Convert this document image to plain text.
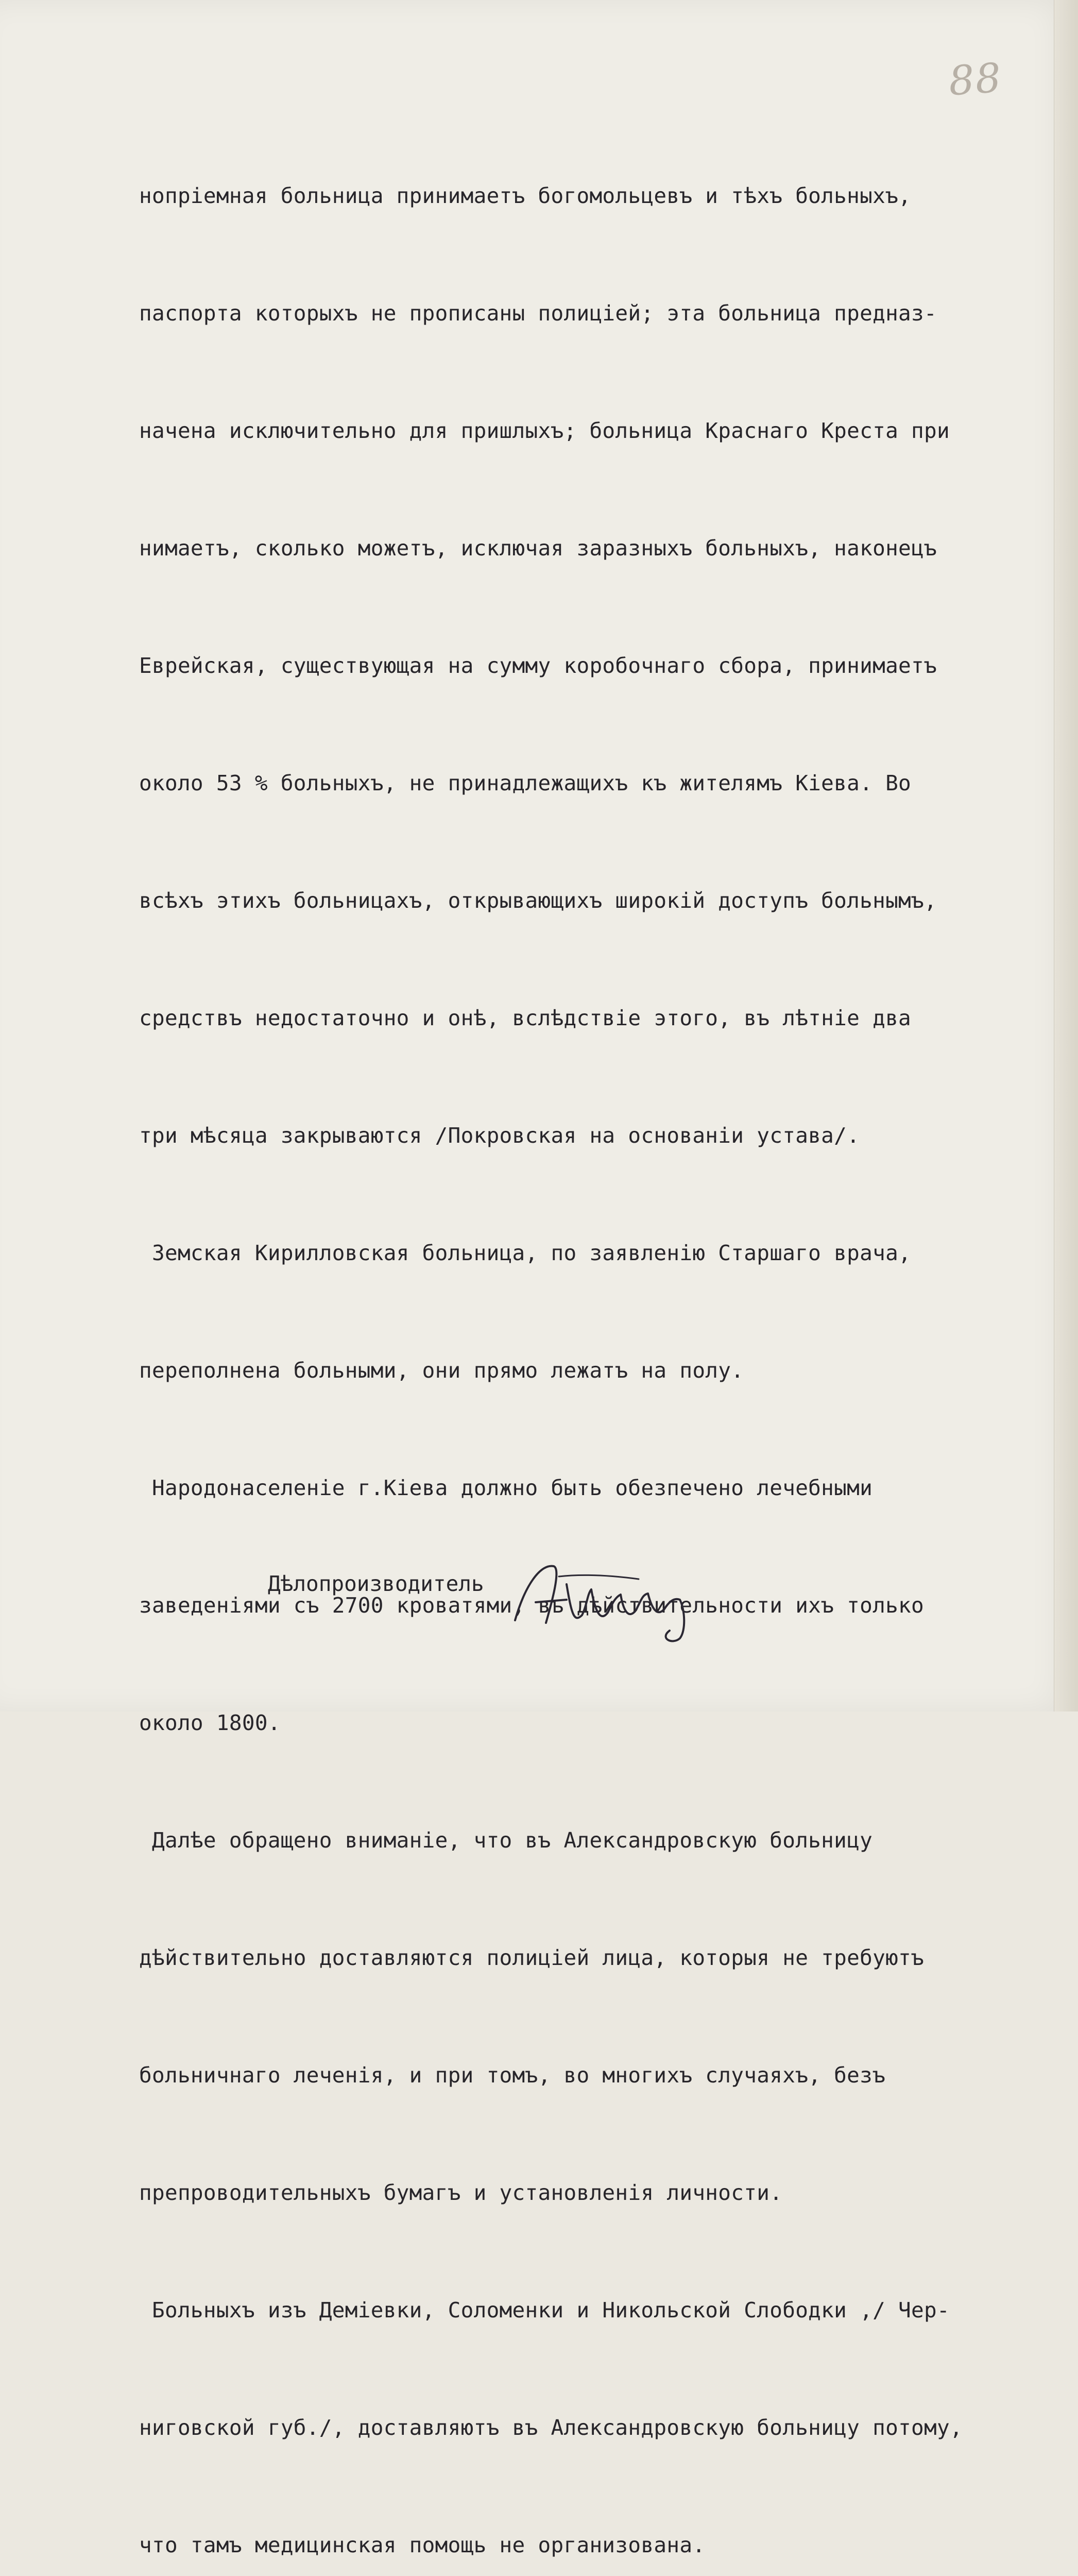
88

нопріемная больница принимаетъ богомольцевъ и тѣхъ больныхъ,

паспорта которыхъ не прописаны полиціей; эта больница предназ-

начена исключительно для пришлыхъ; больница Краснаго Креста при

нимаетъ, сколько можетъ, исключая заразныхъ больныхъ, наконецъ

Еврейская, существующая на сумму коробочнаго сбора, принимаетъ

около 53 % больныхъ, не принадлежащихъ къ жителямъ Кіева. Во

всѣхъ этихъ больницахъ, открывающихъ широкій доступъ больнымъ,

средствъ недостаточно и онѣ, вслѣдствіе этого, въ лѣтніе два

три мѣсяца закрываются /Покровская на основаніи устава/.

Земская Кирилловская больница, по заявленію Старшаго врача,

переполнена больными, они прямо лежатъ на полу.

Народонаселеніе г.Кіева должно быть обезпечено лечебными

заведеніями съ 2700 кроватями, въ дѣйствительности ихъ только

около 1800.

Далѣе обращено вниманіе, что въ Александровскую больницу

дѣйствительно доставляются полиціей лица, которыя не требуютъ

больничнаго леченія, и при томъ, во многихъ случаяхъ, безъ

препроводительныхъ бумагъ и установленія личности.

Больныхъ изъ Деміевки, Соломенки и Никольской Слободки ,/ Чер-

ниговской губ./, доставляютъ въ Александровскую больницу потому,

что тамъ медицинская помощь не организована.

Дѣлопроизводитель
